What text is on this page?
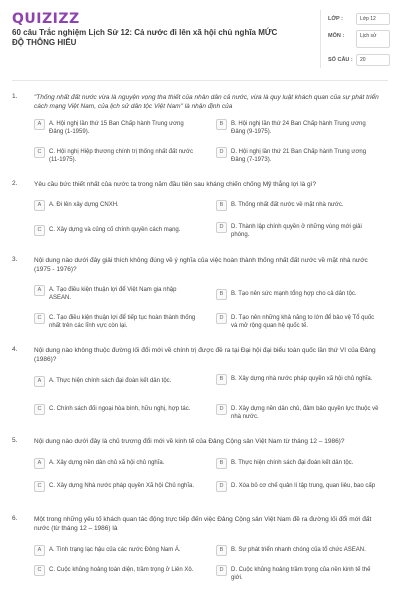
QUIZIZZ
60 câu Trắc nghiệm Lịch Sử 12: Cả nước đi lên xã hội chủ nghĩa MỨC ĐỘ THÔNG HIỂU
LỚP :	Lớp 12
MÔN :	Lịch sử
SỐ CÂU :	20
1.	"Thống nhất đất nước vừa là nguyện vọng tha thiết của nhân dân cả nước, vừa là quy luật khách quan của sự phát triển cách mạng Việt Nam, của lịch sử dân tộc Việt Nam" là nhận định của
A	A. Hội nghị lần thứ 15 Ban Chấp hành Trung ương Đảng (1-1959).
B	B. Hội nghị lần thứ 24 Ban Chấp hành Trung ương Đảng (9-1975).
C	C. Hội nghị Hiệp thương chính trị thống nhất đất nước (11-1975).
D	D. Hội nghị lần thứ 21 Ban Chấp hành Trung ương Đảng (7-1973).
2.	Yêu cầu bức thiết nhất của nước ta trong năm đầu tiên sau kháng chiến chống Mỹ thắng lợi là gì?
A	A. Đi lên xây dựng CNXH.	B	B. Thống nhất đất nước về mặt nhà nước.
C	C. Xây dựng và củng cố chính quyền cách mạng.	D	D. Thành lập chính quyền ở những vùng mới giải phóng.
3.	Nội dung nào dưới đây giải thích không đúng về ý nghĩa của việc hoàn thành thống nhất đất nước về mặt nhà nước (1975 - 1976)?
A	A. Tạo điều kiện thuận lợi để Việt Nam gia nhập ASEAN.
B	B. Tạo nên sức mạnh tổng hợp cho cả dân tộc.
C	C. Tạo điều kiện thuận lợi để tiếp tục hoàn thành thống nhất trên các lĩnh vực còn lại.
D	D. Tạo nên những khả năng to lớn để bảo vệ Tổ quốc và mở rộng quan hệ quốc tế.
4.	Nội dung nào không thuộc đường lối đổi mới về chính trị được đề ra tại Đại hội đại biểu toàn quốc lần thứ VI của Đảng (1986)?
A	A. Thực hiện chính sách đại đoàn kết dân tộc.	B	B. Xây dựng nhà nước pháp quyền xã hội chủ nghĩa.
C	C. Chính sách đối ngoại hòa bình, hữu nghị, hợp tác.	D	D. Xây dựng nền dân chủ, đảm bảo quyền lực thuộc về nhà nước.
5.	Nội dung nào dưới đây là chủ trương đổi mới về kinh tế của Đảng Cộng sản Việt Nam từ tháng 12 – 1986)?
A	A. Xây dựng nền dân chủ xã hội chủ nghĩa.	B	B. Thực hiện chính sách đại đoàn kết dân tộc.
C	C. Xây dựng Nhà nước pháp quyền Xã hội Chủ nghĩa.	D	D. Xóa bỏ cơ chế quản lí tập trung, quan liêu, bao cấp
6.	Một trong những yếu tố khách quan tác động trực tiếp đến việc Đảng Cộng sản Việt Nam đề ra đường lối đổi mới đất nước (từ tháng 12 – 1986) là
A	A. Tình trạng lạc hậu của các nước Đông Nam Á.	B	B. Sự phát triển nhanh chóng của tổ chức ASEAN.
C	C. Cuộc khủng hoảng toàn diện, trầm trọng ở Liên Xô.	D	D. Cuộc khủng hoảng trầm trọng của nền kinh tế thế giới.
